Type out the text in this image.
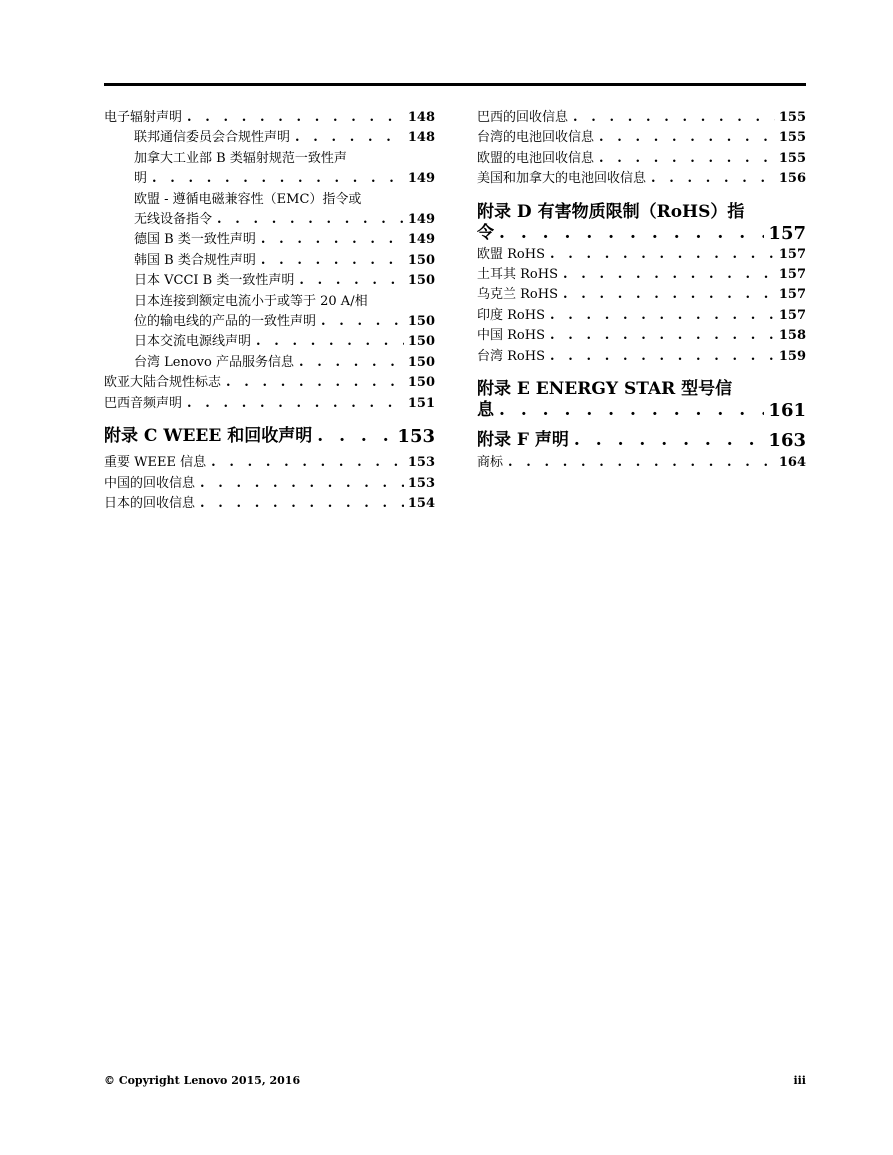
电子辐射声明 . . .	148
联邦通信委员会合规性声明 . . .	148
加拿大工业部 B 类辐射规范一致性声
明 . . .	149
欧盟 - 遵循电磁兼容性（EMC）指令或
无线设备指令 . . .	149
德国 B 类一致性声明 . . .	149
韩国 B 类合规性声明 . . .	150
日本 VCCI B 类一致性声明 . . .	150
日本连接到额定电流小于或等于 20 A/相
位的输电线的产品的一致性声明 . . .	150
日本交流电源线声明 . . .	150
台湾 Lenovo 产品服务信息 . . .	150
欧亚大陆合规性标志 . . .	150
巴西音频声明 . . .	151
附录 C WEEE 和回收声明 . . .	153
重要 WEEE 信息 . . .	153
中国的回收信息 . . .	153
日本的回收信息 . . .	154
巴西的回收信息 . . .	155
台湾的电池回收信息 . . .	155
欧盟的电池回收信息 . . .	155
美国和加拿大的电池回收信息 . . .	156
附录 D 有害物质限制（RoHS）指
令 . . .	157
欧盟 RoHS . . .	157
土耳其 RoHS . . .	157
乌克兰 RoHS . . .	157
印度 RoHS . . .	157
中国 RoHS . . .	158
台湾 RoHS . . .	159
附录 E ENERGY STAR 型号信
息 . . .	161
附录 F 声明 . . .	163
商标 . . .	164
© Copyright Lenovo 2015, 2016	iii
